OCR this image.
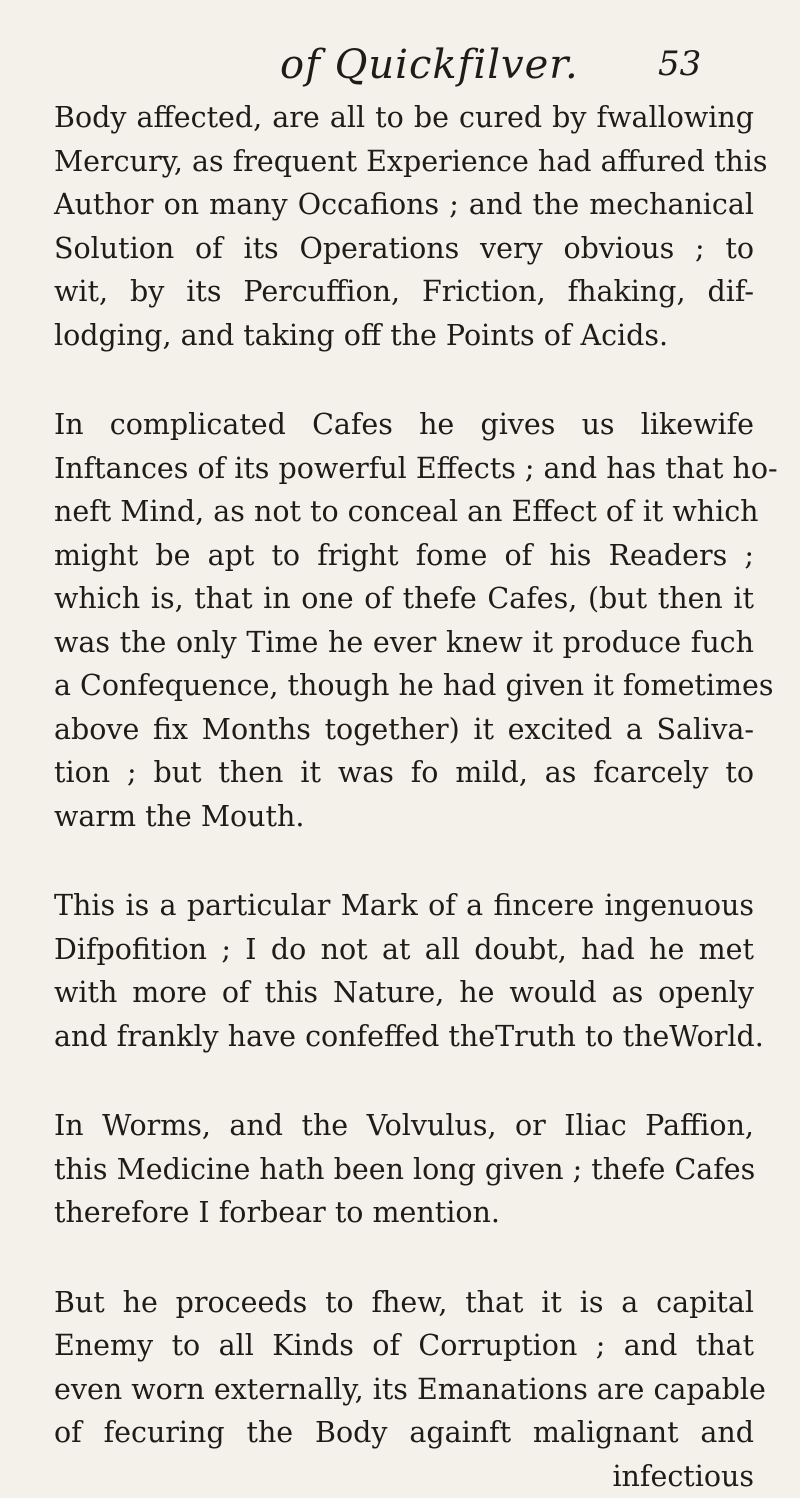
of Quickfilver. 53

Body affected, are all to be cured by fwallowing
Mercury, as frequent Experience had affured this
Author on many Occafions ; and the mechanical
Solution of its Operations very obvious ; to
wit, by its Percuffion, Friction, fhaking, dif-
lodging, and taking off the Points of Acids.

In complicated Cafes he gives us likewife
Inftances of its powerful Effects ; and has that ho-
neft Mind, as not to conceal an Effect of it which
might be apt to fright fome of his Readers ;
which is, that in one of thefe Cafes, (but then it
was the only Time he ever knew it produce fuch
a Confequence, though he had given it fometimes
above fix Months together) it excited a Saliva-
tion ; but then it was fo mild, as fcarcely to
warm the Mouth.

This is a particular Mark of a fincere ingenuous
Difpofition ; I do not at all doubt, had he met
with more of this Nature, he would as openly
and frankly have confeffed theTruth to theWorld.

In Worms, and the Volvulus, or Iliac Paffion,
this Medicine hath been long given ; thefe Cafes
therefore I forbear to mention.

But he proceeds to fhew, that it is a capital
Enemy to all Kinds of Corruption ; and that
even worn externally, its Emanations are capable
of fecuring the Body againft malignant and
infectious
